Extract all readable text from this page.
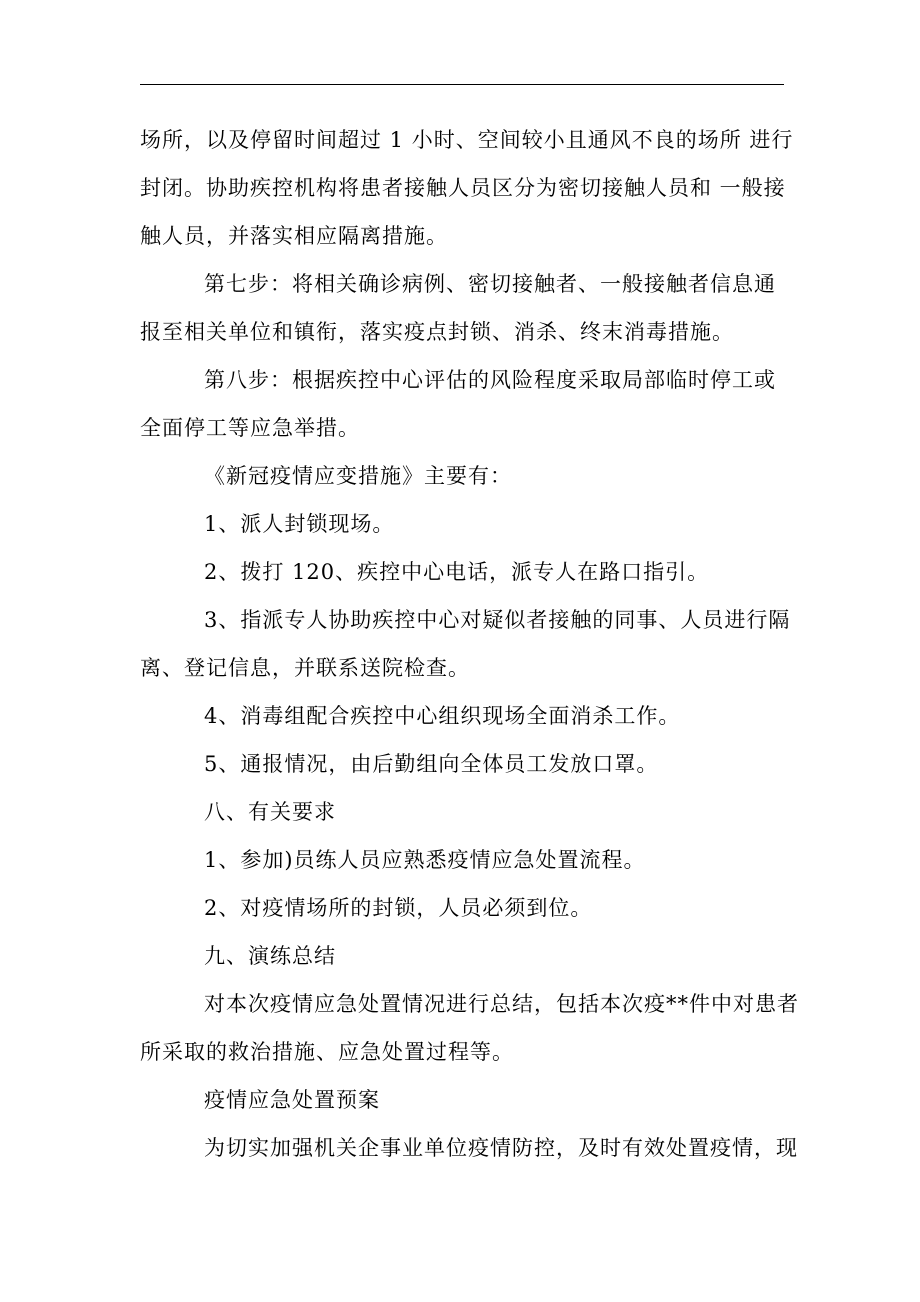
场所，以及停留时间超过 1 小时、空间较小且通风不良的场所 进行
封闭。协助疾控机构将患者接触人员区分为密切接触人员和 一般接
触人员，并落实相应隔离措施。

第七步：将相关确诊病例、密切接触者、一般接触者信息通
报至相关单位和镇衔，落实疫点封锁、消杀、终末消毒措施。

第八步：根据疾控中心评估的风险程度采取局部临时停工或
全面停工等应急举措。

《新冠疫情应变措施》主要有：

1、派人封锁现场。

2、拨打 120、疾控中心电话，派专人在路口指引。

3、指派专人协助疾控中心对疑似者接触的同事、人员进行隔
离、登记信息，并联系送院检查。

4、消毒组配合疾控中心组织现场全面消杀工作。

5、通报情况，由后勤组向全体员工发放口罩。

八、有关要求

1、参加)员练人员应熟悉疫情应急处置流程。

2、对疫情场所的封锁，人员必须到位。

九、演练总结

对本次疫情应急处置情况进行总结，包括本次疫**件中对患者
所采取的救治措施、应急处置过程等。

疫情应急处置预案

为切实加强机关企事业单位疫情防控，及时有效处置疫情，现
